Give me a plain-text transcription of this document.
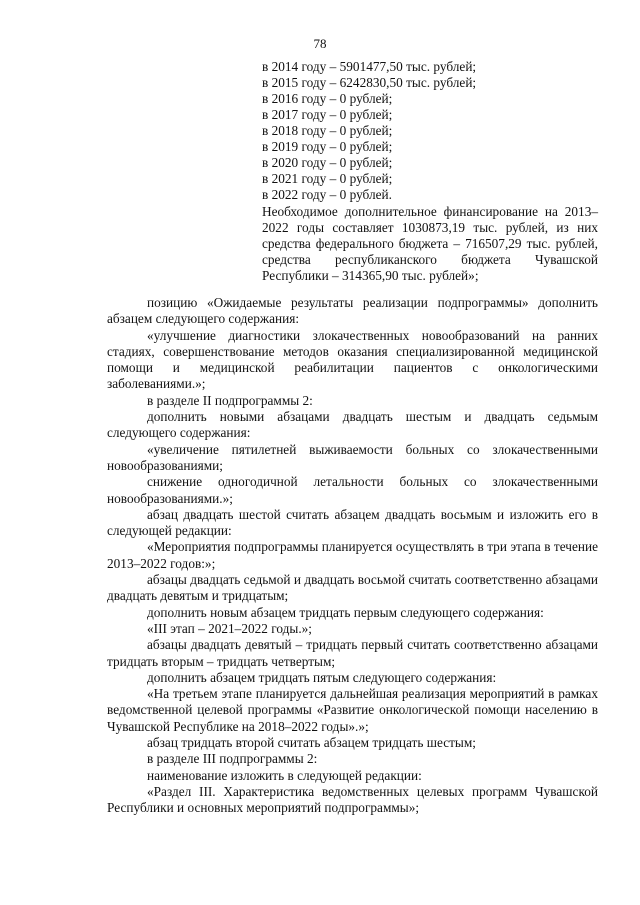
78
в 2014 году – 5901477,50 тыс. рублей;
в 2015 году – 6242830,50 тыс. рублей;
в 2016 году – 0 рублей;
в 2017 году – 0 рублей;
в 2018 году – 0 рублей;
в 2019 году – 0 рублей;
в 2020 году – 0 рублей;
в 2021 году – 0 рублей;
в 2022 году – 0 рублей.
Необходимое дополнительное финансирование на 2013–2022 годы составляет 1030873,19 тыс. рублей, из них средства федерального бюджета – 716507,29 тыс. рублей, средства республиканского бюджета Чувашской Республики – 314365,90 тыс. рублей»;

позицию «Ожидаемые результаты реализации подпрограммы» дополнить абзацем следующего содержания:

«улучшение диагностики злокачественных новообразований на ранних стадиях, совершенствование методов оказания специализированной медицинской помощи и медицинской реабилитации пациентов с онкологическими заболеваниями.»;

в разделе II подпрограммы 2:

дополнить новыми абзацами двадцать шестым и двадцать седьмым следующего содержания:

«увеличение пятилетней выживаемости больных со злокачественными новообразованиями;

снижение одногодичной летальности больных со злокачественными новообразованиями.»;

абзац двадцать шестой считать абзацем двадцать восьмым и изложить его в следующей редакции:

«Мероприятия подпрограммы планируется осуществлять в три этапа в течение 2013–2022 годов:»;

абзацы двадцать седьмой и двадцать восьмой считать соответственно абзацами двадцать девятым и тридцатым;

дополнить новым абзацем тридцать первым следующего содержания:

«III этап – 2021–2022 годы.»;

абзацы двадцать девятый – тридцать первый считать соответственно абзацами тридцать вторым – тридцать четвертым;

дополнить абзацем тридцать пятым следующего содержания:

«На третьем этапе планируется дальнейшая реализация мероприятий в рамках ведомственной целевой программы «Развитие онкологической помощи населению в Чувашской Республике на 2018–2022 годы».»;

абзац тридцать второй считать абзацем тридцать шестым;

в разделе III подпрограммы 2:

наименование изложить в следующей редакции:

«Раздел III. Характеристика ведомственных целевых программ Чувашской Республики и основных мероприятий подпрограммы»;
